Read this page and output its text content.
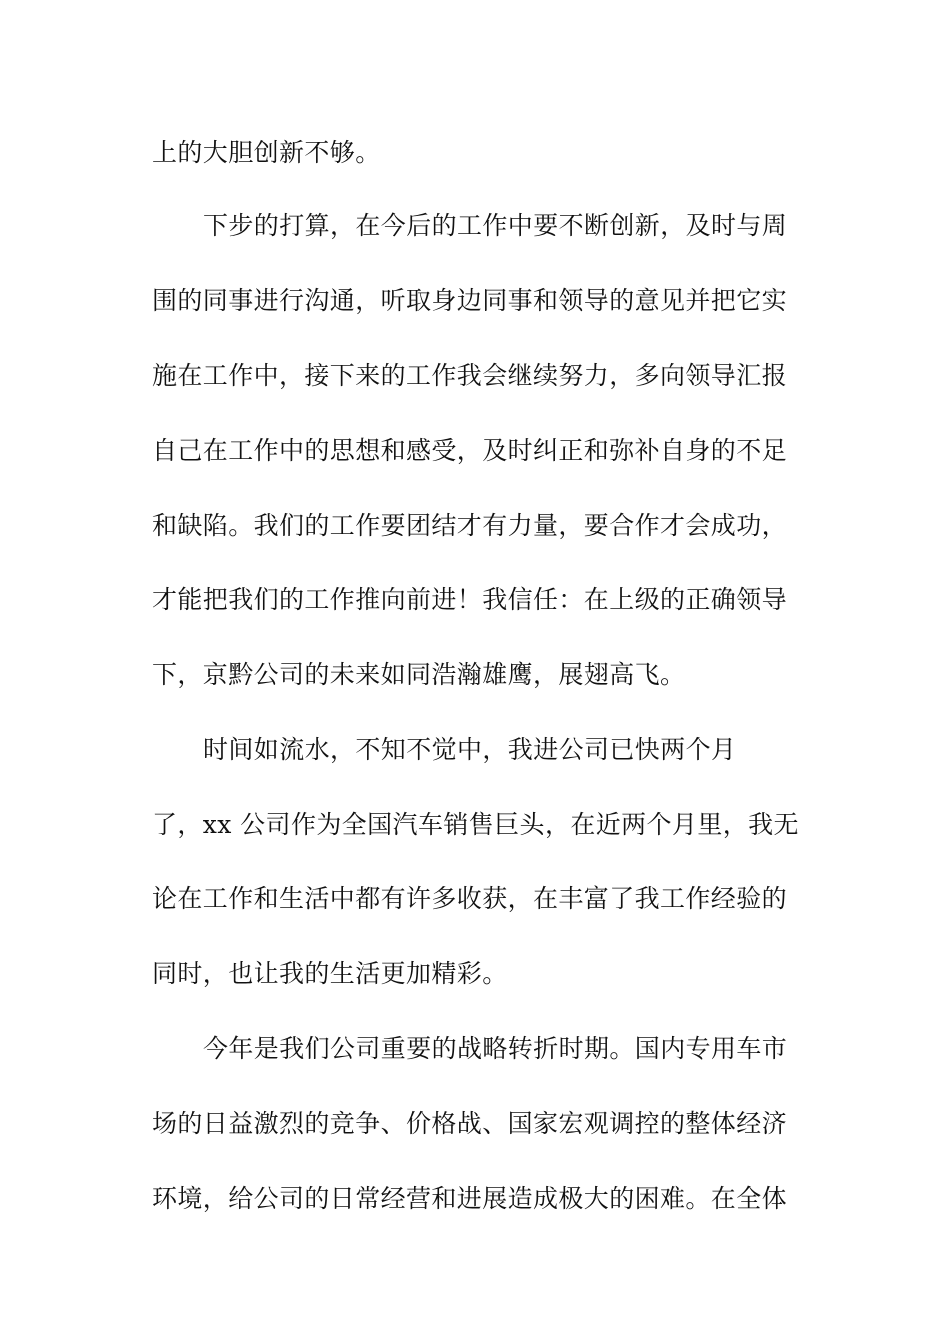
上的大胆创新不够。
下步的打算，在今后的工作中要不断创新，及时与周
围的同事进行沟通，听取身边同事和领导的意见并把它实
施在工作中，接下来的工作我会继续努力，多向领导汇报
自己在工作中的思想和感受，及时纠正和弥补自身的不足
和缺陷。我们的工作要团结才有力量，要合作才会成功，
才能把我们的工作推向前进！我信任：在上级的正确领导
下，京黔公司的未来如同浩瀚雄鹰，展翅高飞。
时间如流水，不知不觉中，我进公司已快两个月
了，xx 公司作为全国汽车销售巨头，在近两个月里，我无
论在工作和生活中都有许多收获，在丰富了我工作经验的
同时，也让我的生活更加精彩。
今年是我们公司重要的战略转折时期。国内专用车市
场的日益激烈的竞争、价格战、国家宏观调控的整体经济
环境，给公司的日常经营和进展造成极大的困难。在全体
